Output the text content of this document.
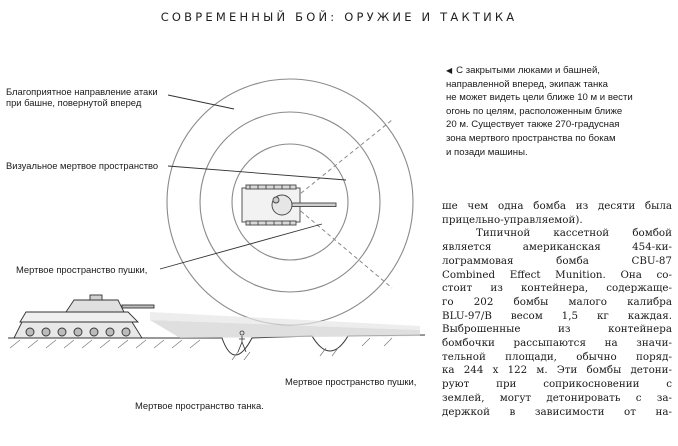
СОВРЕМЕННЫЙ БОЙ: ОРУЖИЕ И ТАКТИКА
Благоприятное направление атаки
при башне, повернутой вперед
Визуальное мертвое пространство
Мертвое пространство пушки,
Мертвое пространство пушки,
Мертвое пространство танка.
◀ С закрытыми люками и башней,
направленной вперед, экипаж танка
не может видеть цели ближе 10 м и вести
огонь по целям, расположенным ближе
20 м. Существует также 270-градусная
зона мертвого пространства по бокам
и позади машины.
ше чем одна бомба из десяти была
прицельно-управляемой).
Типичной кассетной бомбой
является американская 454-ки-
лограммовая бомба CBU-87
Combined Effect Munition. Она со-
стоит из контейнера, содержаще-
го 202 бомбы малого калибра
BLU-97/B весом 1,5 кг каждая.
Выброшенные из контейнера
бомбочки рассыпаются на значи-
тельной площади, обычно поряд-
ка 244 х 122 м. Эти бомбы детони-
руют при соприкосновении с
землей, могут детонировать с за-
держкой в зависимости от на-
